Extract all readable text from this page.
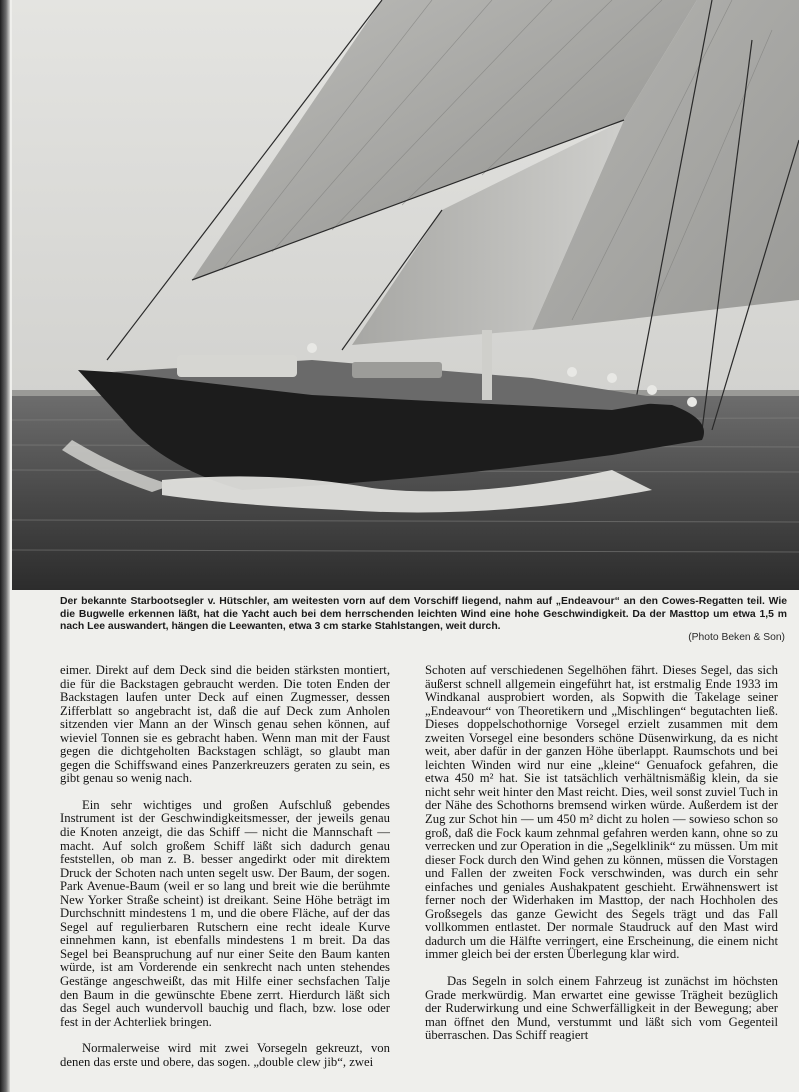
Der bekannte Starbootsegler v. Hütschler, am weitesten vorn auf dem Vorschiff liegend, nahm auf „Endeavour“ an den Cowes-Regatten teil. Wie die Bugwelle erkennen läßt, hat die Yacht auch bei dem herrschenden leichten Wind eine hohe Geschwindigkeit. Da der Masttop um etwa 1,5 m nach Lee auswandert, hängen die Leewanten, etwa 3 cm starke Stahlstangen, weit durch.
(Photo Beken & Son)

eimer. Direkt auf dem Deck sind die beiden stärksten montiert, die für die Backstagen gebraucht werden. Die toten Enden der Backstagen laufen unter Deck auf einen Zugmesser, dessen Zifferblatt so angebracht ist, daß die auf Deck zum Anholen sitzenden vier Mann an der Winsch genau sehen können, auf wieviel Tonnen sie es gebracht haben. Wenn man mit der Faust gegen die dichtgeholten Backstagen schlägt, so glaubt man gegen die Schiffswand eines Panzerkreuzers geraten zu sein, es gibt genau so wenig nach.

Ein sehr wichtiges und großen Aufschluß gebendes Instrument ist der Geschwindigkeitsmesser, der jeweils genau die Knoten anzeigt, die das Schiff — nicht die Mannschaft — macht. Auf solch großem Schiff läßt sich dadurch genau feststellen, ob man z. B. besser angedirkt oder mit direktem Druck der Schoten nach unten segelt usw. Der Baum, der sogen. Park Avenue-Baum (weil er so lang und breit wie die berühmte New Yorker Straße scheint) ist dreikant. Seine Höhe beträgt im Durchschnitt mindestens 1 m, und die obere Fläche, auf der das Segel auf regulierbaren Rutschern eine recht ideale Kurve einnehmen kann, ist ebenfalls mindestens 1 m breit. Da das Segel bei Beanspruchung auf nur einer Seite den Baum kanten würde, ist am Vorderende ein senkrecht nach unten stehendes Gestänge angeschweißt, das mit Hilfe einer sechsfachen Talje den Baum in die gewünschte Ebene zerrt. Hierdurch läßt sich das Segel auch wundervoll bauchig und flach, bzw. lose oder fest in der Achterliek bringen.

Normalerweise wird mit zwei Vorsegeln gekreuzt, von denen das erste und obere, das sogen. „double clew jib“, zwei

Schoten auf verschiedenen Segelhöhen fährt. Dieses Segel, das sich äußerst schnell allgemein eingeführt hat, ist erstmalig Ende 1933 im Windkanal ausprobiert worden, als Sopwith die Takelage seiner „Endeavour“ von Theoretikern und „Mischlingen“ begutachten ließ. Dieses doppelschothornige Vorsegel erzielt zusammen mit dem zweiten Vorsegel eine besonders schöne Düsenwirkung, da es nicht weit, aber dafür in der ganzen Höhe überlappt. Raumschots und bei leichten Winden wird nur eine „kleine“ Genuafock gefahren, die etwa 450 m² hat. Sie ist tatsächlich verhältnismäßig klein, da sie nicht sehr weit hinter den Mast reicht. Dies, weil sonst zuviel Tuch in der Nähe des Schothorns bremsend wirken würde. Außerdem ist der Zug zur Schot hin — um 450 m² dicht zu holen — sowieso schon so groß, daß die Fock kaum zehnmal gefahren werden kann, ohne so zu verrecken und zur Operation in die „Segelklinik“ zu müssen. Um mit dieser Fock durch den Wind gehen zu können, müssen die Vorstagen und Fallen der zweiten Fock verschwinden, was durch ein sehr einfaches und geniales Aushakpatent geschieht. Erwähnenswert ist ferner noch der Widerhaken im Masttop, der nach Hochholen des Großsegels das ganze Gewicht des Segels trägt und das Fall vollkommen entlastet. Der normale Staudruck auf den Mast wird dadurch um die Hälfte verringert, eine Erscheinung, die einem nicht immer gleich bei der ersten Überlegung klar wird.

Das Segeln in solch einem Fahrzeug ist zunächst im höchsten Grade merkwürdig. Man erwartet eine gewisse Trägheit bezüglich der Ruderwirkung und eine Schwerfälligkeit in der Bewegung; aber man öffnet den Mund, verstummt und läßt sich vom Gegenteil überraschen. Das Schiff reagiert
